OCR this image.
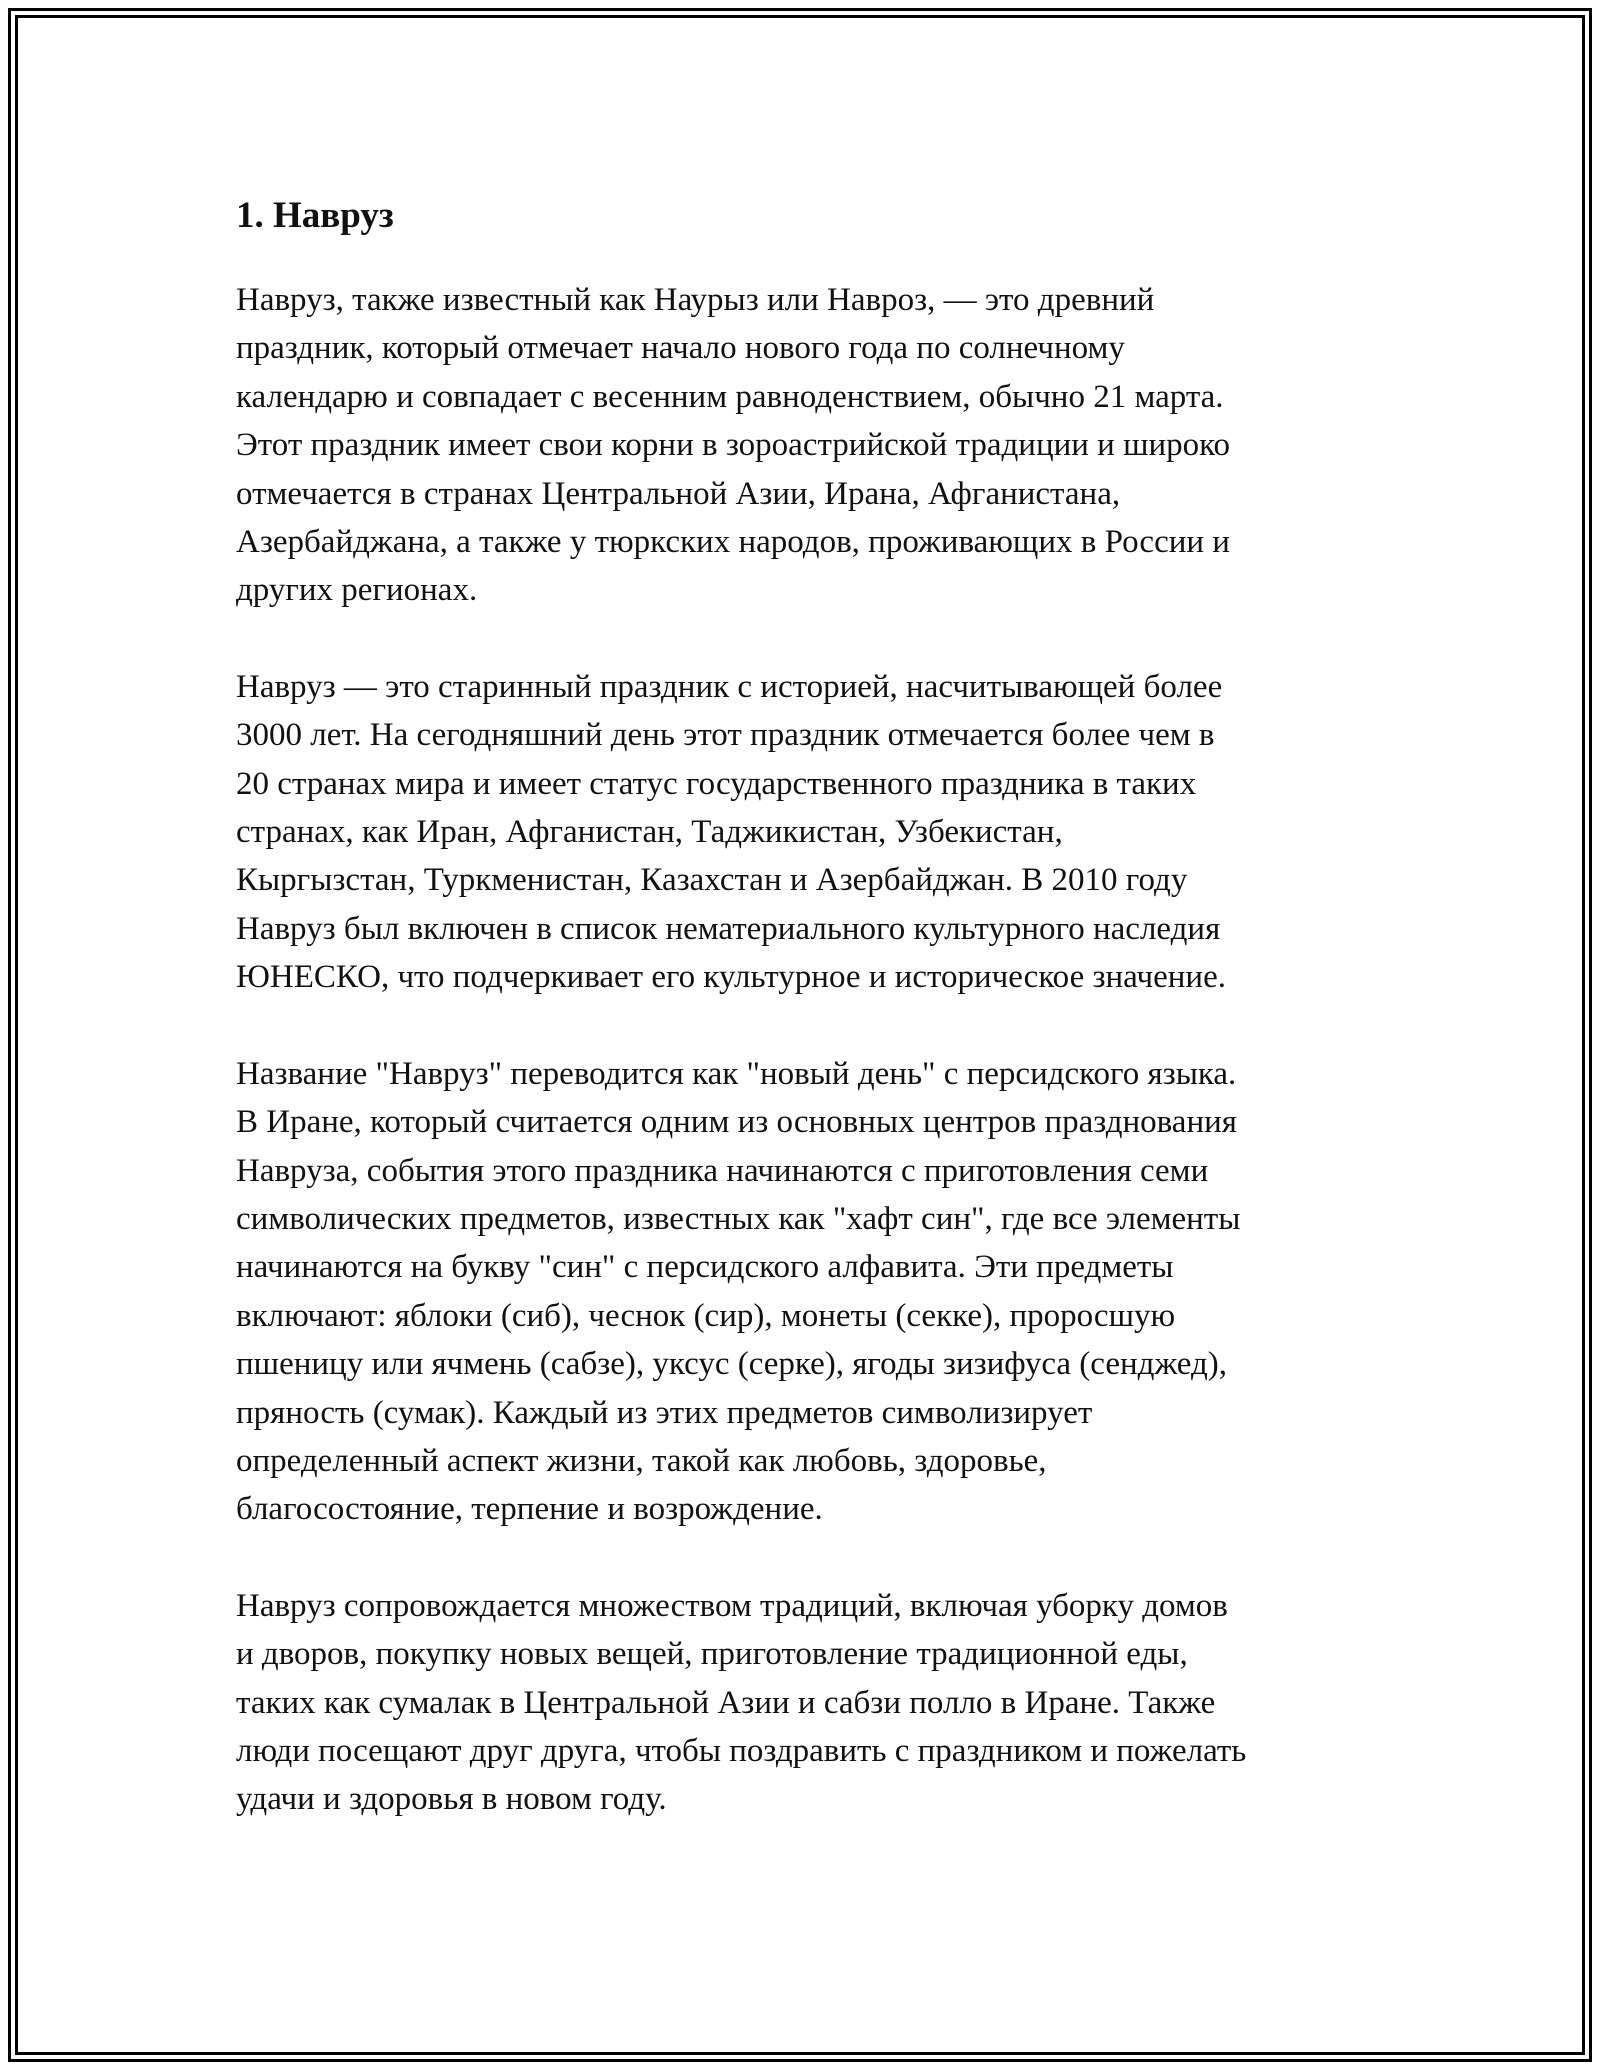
1. Навруз

Навруз, также известный как Наурыз или Навроз, — это древний
праздник, который отмечает начало нового года по солнечному
календарю и совпадает с весенним равноденствием, обычно 21 марта.
Этот праздник имеет свои корни в зороастрийской традиции и широко
отмечается в странах Центральной Азии, Ирана, Афганистана,
Азербайджана, а также у тюркских народов, проживающих в России и
других регионах.

Навруз — это старинный праздник с историей, насчитывающей более
3000 лет. На сегодняшний день этот праздник отмечается более чем в
20 странах мира и имеет статус государственного праздника в таких
странах, как Иран, Афганистан, Таджикистан, Узбекистан,
Кыргызстан, Туркменистан, Казахстан и Азербайджан. В 2010 году
Навруз был включен в список нематериального культурного наследия
ЮНЕСКО, что подчеркивает его культурное и историческое значение.

Название "Навруз" переводится как "новый день" с персидского языка.
В Иране, который считается одним из основных центров празднования
Навруза, события этого праздника начинаются с приготовления семи
символических предметов, известных как "хафт син", где все элементы
начинаются на букву "син" с персидского алфавита. Эти предметы
включают: яблоки (сиб), чеснок (сир), монеты (секке), проросшую
пшеницу или ячмень (сабзе), уксус (серке), ягоды зизифуса (сенджед),
пряность (сумак). Каждый из этих предметов символизирует
определенный аспект жизни, такой как любовь, здоровье,
благосостояние, терпение и возрождение.

Навруз сопровождается множеством традиций, включая уборку домов
и дворов, покупку новых вещей, приготовление традиционной еды,
таких как сумалак в Центральной Азии и сабзи полло в Иране. Также
люди посещают друг друга, чтобы поздравить с праздником и пожелать
удачи и здоровья в новом году.
